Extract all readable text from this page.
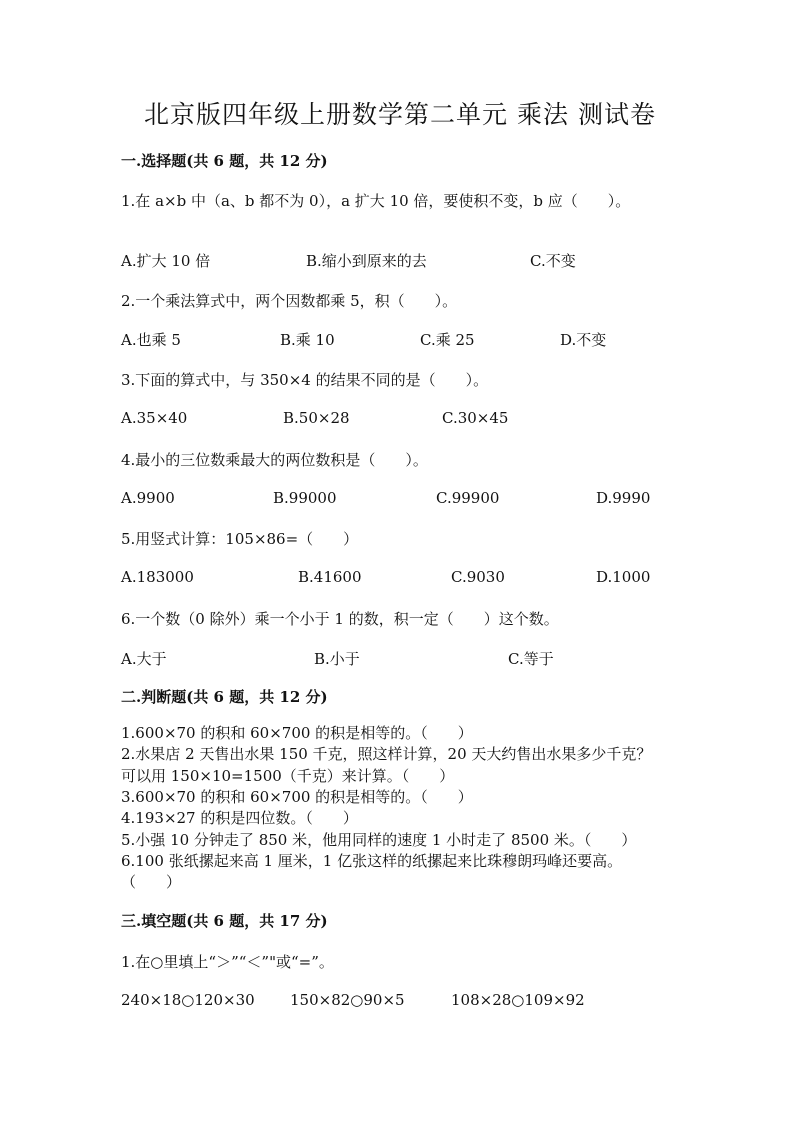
北京版四年级上册数学第二单元 乘法 测试卷
一.选择题(共 6 题，共 12 分)
1.在 a×b 中（a、b 都不为 0），a 扩大 10 倍，要使积不变，b 应（　　）。
A.扩大 10 倍	B.缩小到原来的去	C.不变
2.一个乘法算式中，两个因数都乘 5，积（　　）。
A.也乘 5	B.乘 10	C.乘 25	D.不变
3.下面的算式中，与 350×4 的结果不同的是（　　）。
A.35×40	B.50×28	C.30×45
4.最小的三位数乘最大的两位数积是（　　）。
A.9900	B.99000	C.99900	D.9990
5.用竖式计算：105×86=（　　）
A.183000	B.41600	C.9030	D.1000
6.一个数（0 除外）乘一个小于 1 的数，积一定（　　）这个数。
A.大于	B.小于	C.等于
二.判断题(共 6 题，共 12 分)
1.600×70 的积和 60×700 的积是相等的。（　　）
2.水果店 2 天售出水果 150 千克，照这样计算，20 天大约售出水果多少千克？
可以用 150×10=1500（千克）来计算。（　　）
3.600×70 的积和 60×700 的积是相等的。（　　）
4.193×27 的积是四位数。（　　）
5.小强 10 分钟走了 850 米，他用同样的速度 1 小时走了 8500 米。（　　）
6.100 张纸摞起来高 1 厘米，1 亿张这样的纸摞起来比珠穆朗玛峰还要高。
（　　）
三.填空题(共 6 题，共 17 分)
1.在○里填上“＞”“＜”"或“=”。
240×18○120×30 150×82○90×5	108×28○109×92
